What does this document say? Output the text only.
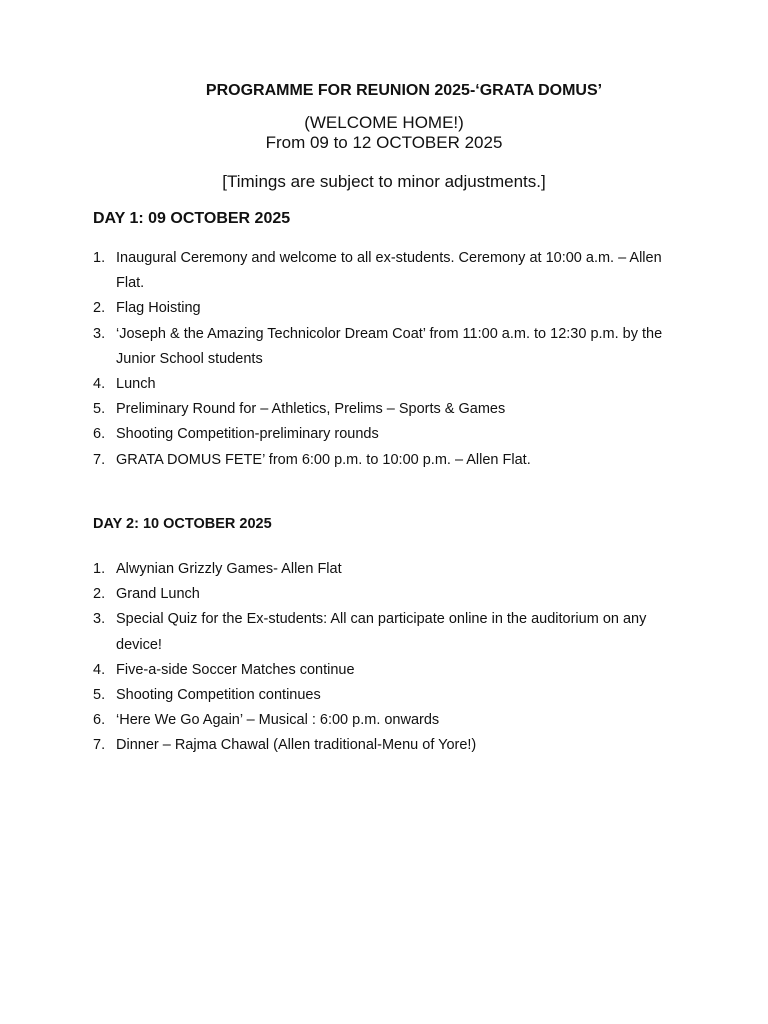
PROGRAMME FOR REUNION 2025-‘GRATA DOMUS’

(WELCOME HOME!)

From 09 to 12 OCTOBER 2025

[Timings are subject to minor adjustments.]

DAY 1: 09 OCTOBER 2025
1. Inaugural Ceremony and welcome to all ex-students. Ceremony at 10:00 a.m. – Allen Flat.
2. Flag Hoisting
3. ‘Joseph & the Amazing Technicolor Dream Coat’ from 11:00 a.m. to 12:30 p.m. by the Junior School students
4. Lunch
5. Preliminary Round for – Athletics, Prelims – Sports & Games
6. Shooting Competition-preliminary rounds
7. GRATA DOMUS FETE’ from 6:00 p.m. to 10:00 p.m. – Allen Flat.
DAY 2: 10 OCTOBER 2025
1. Alwynian Grizzly Games- Allen Flat
2. Grand Lunch
3. Special Quiz for the Ex-students: All can participate online in the auditorium on any device!
4. Five-a-side Soccer Matches continue
5. Shooting Competition continues
6. ‘Here We Go Again’ – Musical : 6:00 p.m. onwards
7. Dinner – Rajma Chawal (Allen traditional-Menu of Yore!)
